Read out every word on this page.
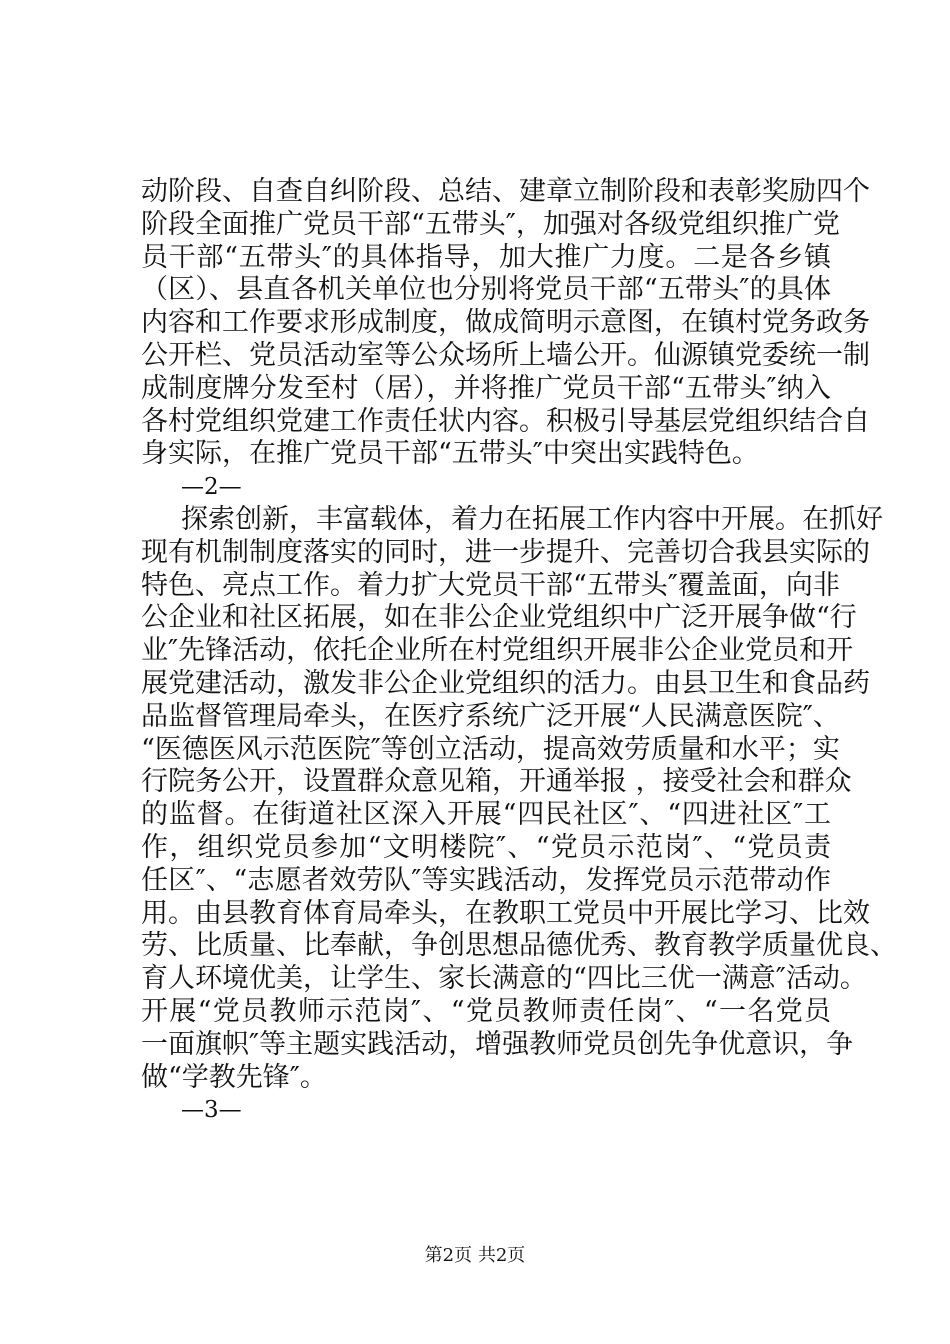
动阶段、自查自纠阶段、总结、建章立制阶段和表彰奖励四个
阶段全面推广党员干部“五带头″，加强对各级党组织推广党
员干部“五带头″的具体指导，加大推广力度。二是各乡镇
（区）、县直各机关单位也分别将党员干部“五带头″的具体
内容和工作要求形成制度，做成简明示意图，在镇村党务政务
公开栏、党员活动室等公众场所上墙公开。仙源镇党委统一制
成制度牌分发至村（居），并将推广党员干部“五带头″纳入
各村党组织党建工作责任状内容。积极引导基层党组织结合自
身实际，在推广党员干部“五带头″中突出实践特色。
—2—
探索创新，丰富载体，着力在拓展工作内容中开展。在抓好
现有机制制度落实的同时，进一步提升、完善切合我县实际的
特色、亮点工作。着力扩大党员干部“五带头″覆盖面，向非
公企业和社区拓展，如在非公企业党组织中广泛开展争做“行
业″先锋活动，依托企业所在村党组织开展非公企业党员和开
展党建活动，激发非公企业党组织的活力。由县卫生和食品药
品监督管理局牵头，在医疗系统广泛开展“人民满意医院″、
“医德医风示范医院″等创立活动，提高效劳质量和水平；实
行院务公开，设置群众意见箱，开通举报 ，接受社会和群众
的监督。在街道社区深入开展“四民社区″、“四进社区″工
作，组织党员参加“文明楼院″、“党员示范岗″、“党员责
任区″、“志愿者效劳队″等实践活动，发挥党员示范带动作
用。由县教育体育局牵头，在教职工党员中开展比学习、比效
劳、比质量、比奉献，争创思想品德优秀、教育教学质量优良、
育人环境优美，让学生、家长满意的“四比三优一满意″活动。
开展“党员教师示范岗″、“党员教师责任岗″、“一名党员
一面旗帜″等主题实践活动，增强教师党员创先争优意识，争
做“学教先锋″。
—3—
第2页 共2页
